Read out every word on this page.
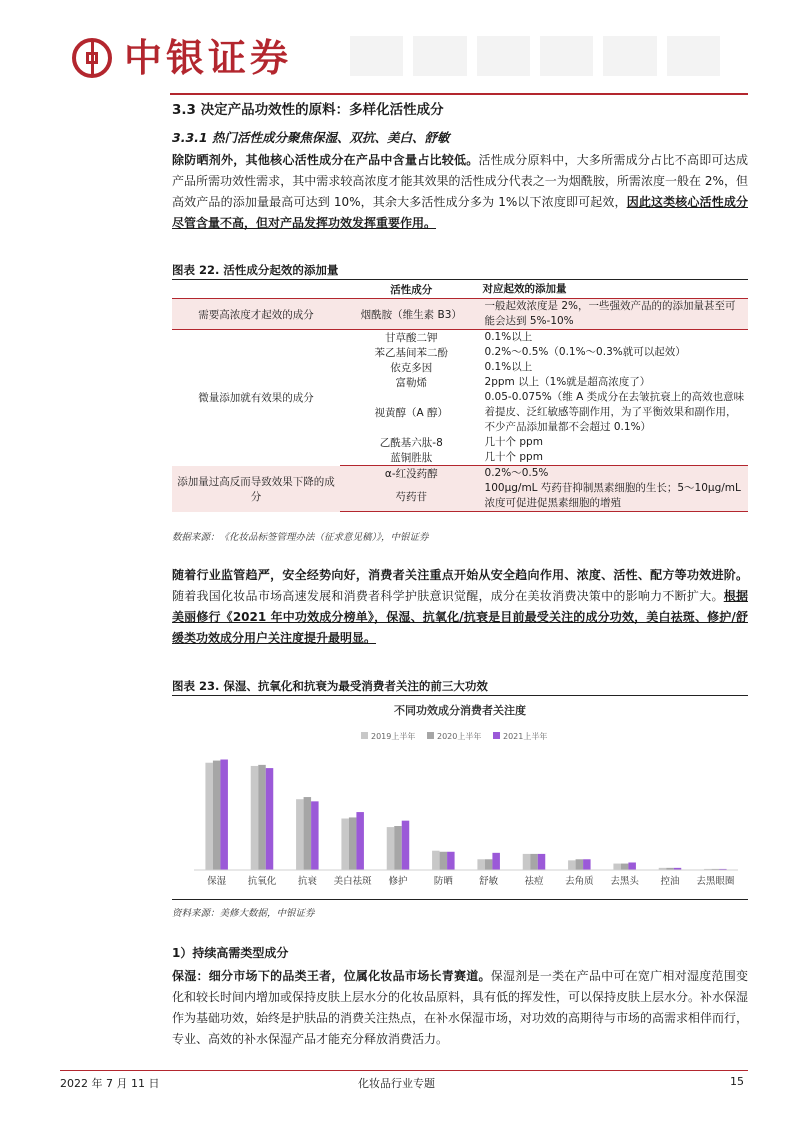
中银证券
3.3 决定产品功效性的原料：多样化活性成分
3.3.1 热门活性成分聚焦保湿、双抗、美白、舒敏
除防晒剂外，其他核心活性成分在产品中含量占比较低。活性成分原料中，大多所需成分占比不高即可达成产品所需功效性需求，其中需求较高浓度才能其效果的活性成分代表之一为烟酰胺，所需浓度一般在 2%，但高效产品的添加量最高可达到 10%，其余大多活性成分多为 1%以下浓度即可起效，因此这类核心活性成分尽管含量不高，但对产品发挥功效发挥重要作用。
图表 22. 活性成分起效的添加量
	活性成分	对应起效的添加量
需要高浓度才起效的成分	烟酰胺（维生素 B3）	一般起效浓度是 2%，一些强效产品的的添加量甚至可能会达到 5%-10%
微量添加就有效果的成分	甘草酸二钾	0.1%以上
	苯乙基间苯二酚	0.2%～0.5%（0.1%～0.3%就可以起效）
	依克多因	0.1%以上
	富勒烯	2ppm 以上（1%就是超高浓度了）
	视黄醇（A 醇）	0.05-0.075%（维 A 类成分在去皱抗衰上的高效也意味着提皮、泛红敏感等副作用，为了平衡效果和副作用，不少产品添加量都不会超过 0.1%）
	乙酰基六肽-8	几十个 ppm
	蓝铜胜肽	几十个 ppm
添加量过高反而导致效果下降的成分	α-红没药醇	0.2%～0.5%
	芍药苷	100μg/mL 芍药苷抑制黑素细胞的生长；5～10μg/mL 浓度可促进促黑素细胞的增殖
数据来源：《化妆品标签管理办法（征求意见稿）》，中银证券
随着行业监管趋严，安全经势向好，消费者关注重点开始从安全趋向作用、浓度、活性、配方等功效进阶。随着我国化妆品市场高速发展和消费者科学护肤意识觉醒，成分在美妆消费决策中的影响力不断扩大。根据美丽修行《2021 年中功效成分榜单》，保湿、抗氧化/抗衰是目前最受关注的成分功效，美白祛斑、修护/舒缓类功效成分用户关注度提升最明显。
图表 23. 保湿、抗氧化和抗衰为最受消费者关注的前三大功效
不同功效成分消费者关注度
2019上半年	2020上半年	2021上半年
保湿 抗氧化 抗衰 美白祛斑 修护	防晒	舒敏	祛痘 去角质 去黑头 控油 去黑眼圈
资料来源：美修大数据，中银证券
1）持续高需类型成分
保湿：细分市场下的品类王者，位属化妆品市场长青赛道。保湿剂是一类在产品中可在宽广相对湿度范围变化和较长时间内增加或保持皮肤上层水分的化妆品原料，具有低的挥发性，可以保持皮肤上层水分。补水保湿作为基础功效，始终是护肤品的消费关注热点，在补水保湿市场，对功效的高期待与市场的高需求相伴而行，专业、高效的补水保湿产品才能充分释放消费活力。
2022 年 7 月 11 日	化妆品行业专题	15
